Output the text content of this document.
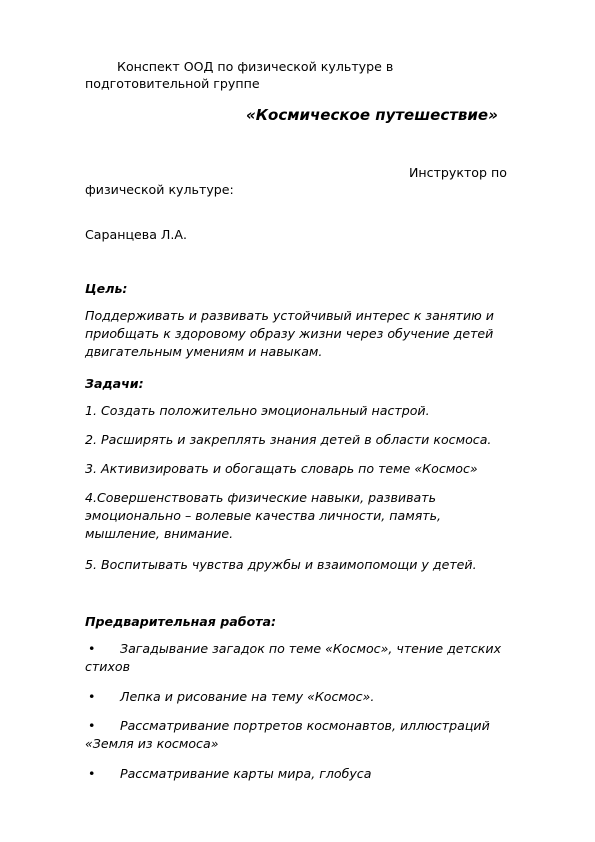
Конспект ООД по физической культуре в
подготовительной группе
«Космическое путешествие»
Инструктор по
физической культуре:
Саранцева Л.А.
Цель:
Поддерживать и развивать устойчивый интерес к занятию и
приобщать к здоровому образу жизни через обучение детей
двигательным умениям и навыкам.
Задачи:
1. Создать положительно эмоциональный настрой.
2. Расширять и закреплять знания детей в области космоса.
3. Активизировать и обогащать словарь по теме «Космос»
4.Совершенствовать физические навыки, развивать
эмоционально – волевые качества личности, память,
мышление, внимание.
5. Воспитывать чувства дружбы и взаимопомощи у детей.
Предварительная работа:
• Загадывание загадок по теме «Космос», чтение детских
стихов
• Лепка и рисование на тему «Космос».
• Рассматривание портретов космонавтов, иллюстраций
«Земля из космоса»
• Рассматривание карты мира, глобуса
